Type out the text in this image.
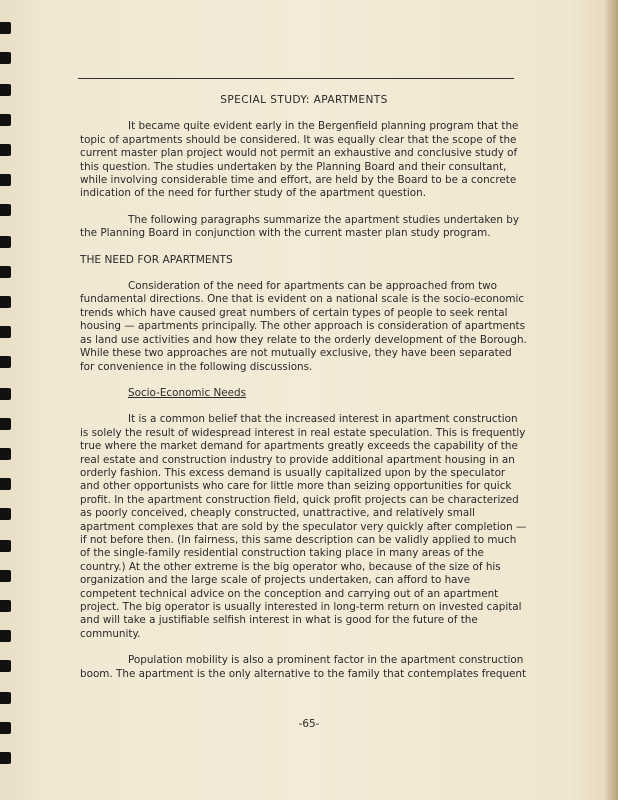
SPECIAL STUDY: APARTMENTS

It became quite evident early in the Bergenfield planning program that the topic of apartments should be considered. It was equally clear that the scope of the current master plan project would not permit an exhaustive and conclusive study of this question. The studies undertaken by the Planning Board and their consultant, while involving considerable time and effort, are held by the Board to be a concrete indication of the need for further study of the apartment question.

The following paragraphs summarize the apartment studies undertaken by the Planning Board in conjunction with the current master plan study program.

THE NEED FOR APARTMENTS

Consideration of the need for apartments can be approached from two fundamental directions. One that is evident on a national scale is the socio-economic trends which have caused great numbers of certain types of people to seek rental housing — apartments principally. The other approach is consideration of apartments as land use activities and how they relate to the orderly development of the Borough. While these two approaches are not mutually exclusive, they have been separated for convenience in the following discussions.

Socio-Economic Needs

It is a common belief that the increased interest in apartment construction is solely the result of widespread interest in real estate speculation. This is frequently true where the market demand for apartments greatly exceeds the capability of the real estate and construction industry to provide additional apartment housing in an orderly fashion. This excess demand is usually capitalized upon by the speculator and other opportunists who care for little more than seizing opportunities for quick profit. In the apartment construction field, quick profit projects can be characterized as poorly conceived, cheaply constructed, unattractive, and relatively small apartment complexes that are sold by the speculator very quickly after completion — if not before then. (In fairness, this same description can be validly applied to much of the single-family residential construction taking place in many areas of the country.) At the other extreme is the big operator who, because of the size of his organization and the large scale of projects undertaken, can afford to have competent technical advice on the conception and carrying out of an apartment project. The big operator is usually interested in long-term return on invested capital and will take a justifiable selfish interest in what is good for the future of the community.

Population mobility is also a prominent factor in the apartment construction boom. The apartment is the only alternative to the family that contemplates frequent

-65-
